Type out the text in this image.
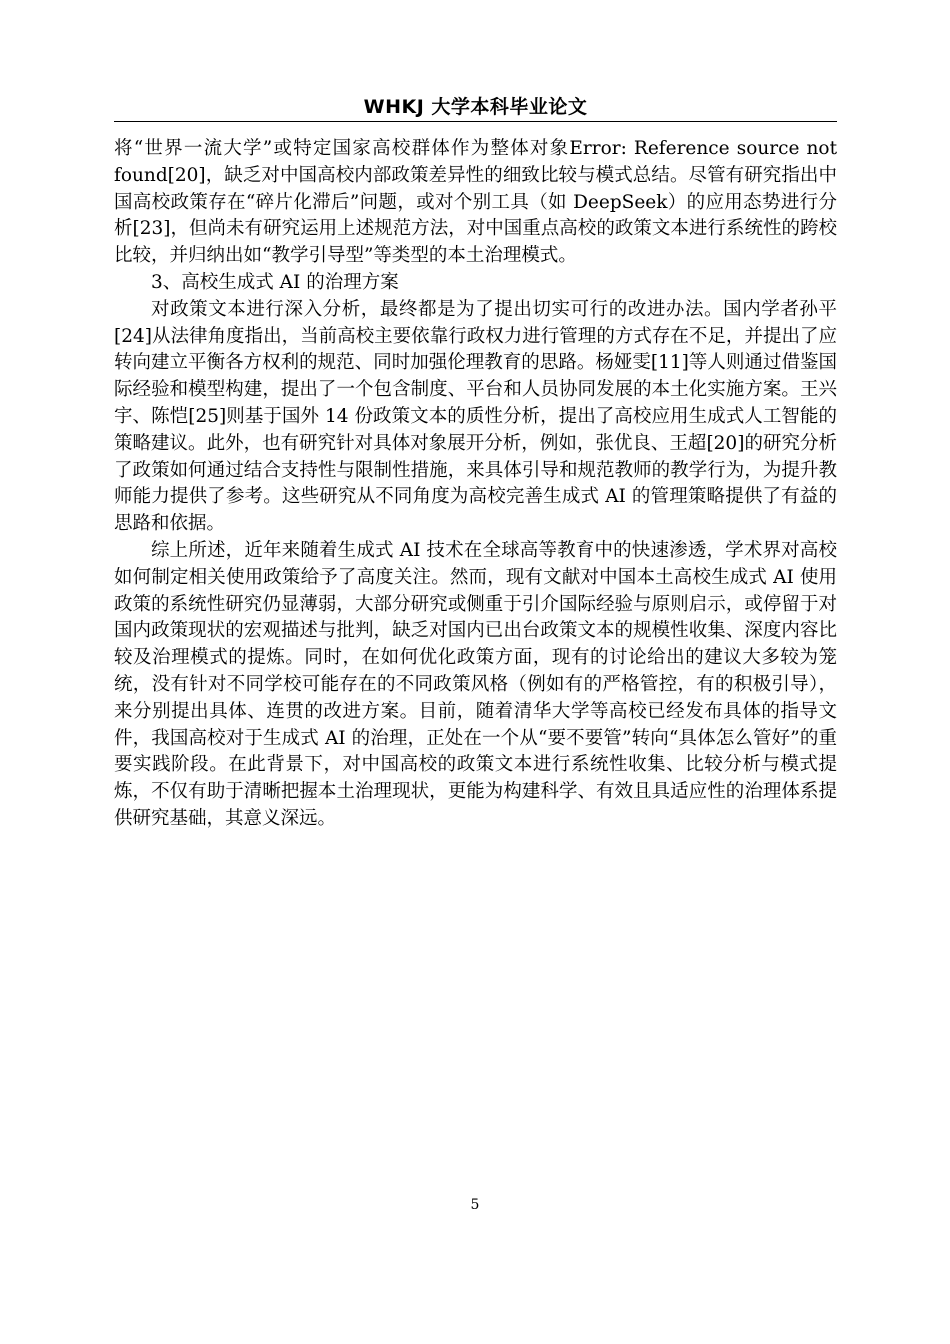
WHKJ 大学本科毕业论文

将“世界一流大学”或特定国家高校群体作为整体对象Error: Reference source not found[20]，缺乏对中国高校内部政策差异性的细致比较与模式总结。尽管有研究指出中国高校政策存在“碎片化滞后”问题，或对个别工具（如 DeepSeek）的应用态势进行分析[23]，但尚未有研究运用上述规范方法，对中国重点高校的政策文本进行系统性的跨校比较，并归纳出如“教学引导型”等类型的本土治理模式。

3、高校生成式 AI 的治理方案

对政策文本进行深入分析，最终都是为了提出切实可行的改进办法。国内学者孙平[24]从法律角度指出，当前高校主要依靠行政权力进行管理的方式存在不足，并提出了应转向建立平衡各方权利的规范、同时加强伦理教育的思路。杨娅雯[11]等人则通过借鉴国际经验和模型构建，提出了一个包含制度、平台和人员协同发展的本土化实施方案。王兴宇、陈恺[25]则基于国外 14 份政策文本的质性分析，提出了高校应用生成式人工智能的策略建议。此外，也有研究针对具体对象展开分析，例如，张优良、王超[20]的研究分析了政策如何通过结合支持性与限制性措施，来具体引导和规范教师的教学行为，为提升教师能力提供了参考。这些研究从不同角度为高校完善生成式 AI 的管理策略提供了有益的思路和依据。

综上所述，近年来随着生成式 AI 技术在全球高等教育中的快速渗透，学术界对高校如何制定相关使用政策给予了高度关注。然而，现有文献对中国本土高校生成式 AI 使用政策的系统性研究仍显薄弱，大部分研究或侧重于引介国际经验与原则启示，或停留于对国内政策现状的宏观描述与批判，缺乏对国内已出台政策文本的规模性收集、深度内容比较及治理模式的提炼。同时，在如何优化政策方面，现有的讨论给出的建议大多较为笼统，没有针对不同学校可能存在的不同政策风格（例如有的严格管控，有的积极引导），来分别提出具体、连贯的改进方案。目前，随着清华大学等高校已经发布具体的指导文件，我国高校对于生成式 AI 的治理，正处在一个从“要不要管”转向“具体怎么管好”的重要实践阶段。在此背景下，对中国高校的政策文本进行系统性收集、比较分析与模式提炼，不仅有助于清晰把握本土治理现状，更能为构建科学、有效且具适应性的治理体系提供研究基础，其意义深远。

5
